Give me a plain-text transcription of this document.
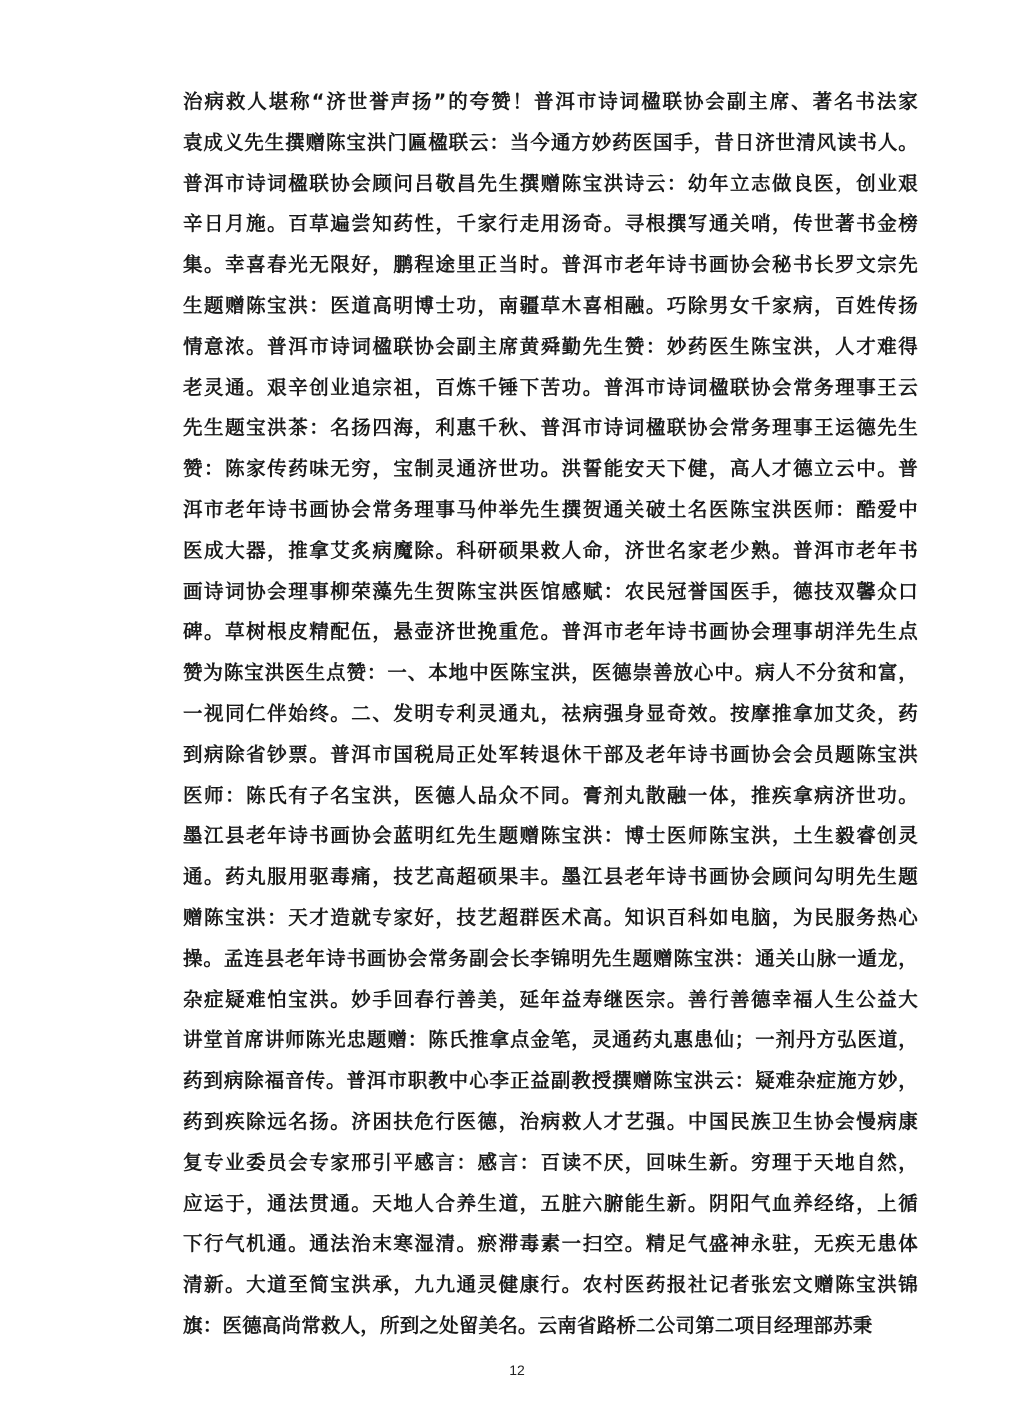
治病救人堪称“济世誉声扬”的夸赞！普洱市诗词楹联协会副主席、著名书法家
袁成义先生撰赠陈宝洪门匾楹联云：当今通方妙药医国手，昔日济世清风读书人。
普洱市诗词楹联协会顾问吕敬昌先生撰赠陈宝洪诗云：幼年立志做良医，创业艰
辛日月施。百草遍尝知药性，千家行走用汤奇。寻根撰写通关哨，传世著书金榜
集。幸喜春光无限好，鹏程途里正当时。普洱市老年诗书画协会秘书长罗文宗先
生题赠陈宝洪：医道高明博士功，南疆草木喜相融。巧除男女千家病，百姓传扬
情意浓。普洱市诗词楹联协会副主席黄舜勤先生赞：妙药医生陈宝洪，人才难得
老灵通。艰辛创业追宗祖，百炼千锤下苦功。普洱市诗词楹联协会常务理事王云
先生题宝洪茶：名扬四海，利惠千秋、普洱市诗词楹联协会常务理事王运德先生
赞：陈家传药味无穷，宝制灵通济世功。洪誓能安天下健，高人才德立云中。普
洱市老年诗书画协会常务理事马仲举先生撰贺通关破土名医陈宝洪医师：酷爱中
医成大器，推拿艾炙病魔除。科研硕果救人命，济世名家老少熟。普洱市老年书
画诗词协会理事柳荣藻先生贺陈宝洪医馆感赋：农民冠誉国医手，德技双馨众口
碑。草树根皮精配伍，悬壶济世挽重危。普洱市老年诗书画协会理事胡洋先生点
赞为陈宝洪医生点赞：一、本地中医陈宝洪，医德崇善放心中。病人不分贫和富，
一视同仁伴始终。二、发明专利灵通丸，祛病强身显奇效。按摩推拿加艾灸，药
到病除省钞票。普洱市国税局正处军转退休干部及老年诗书画协会会员题陈宝洪
医师：陈氏有子名宝洪，医德人品众不同。膏剂丸散融一体，推疾拿病济世功。
墨江县老年诗书画协会蓝明红先生题赠陈宝洪：博士医师陈宝洪，土生毅睿创灵
通。药丸服用驱毒痛，技艺高超硕果丰。墨江县老年诗书画协会顾问勾明先生题
赠陈宝洪：天才造就专家好，技艺超群医术高。知识百科如电脑，为民服务热心
操。孟连县老年诗书画协会常务副会长李锦明先生题赠陈宝洪：通关山脉一遁龙，
杂症疑难怕宝洪。妙手回春行善美，延年益寿继医宗。善行善德幸福人生公益大
讲堂首席讲师陈光忠题赠：陈氏推拿点金笔，灵通药丸惠患仙；一剂丹方弘医道，
药到病除福音传。普洱市职教中心李正益副教授撰赠陈宝洪云：疑难杂症施方妙，
药到疾除远名扬。济困扶危行医德，治病救人才艺强。中国民族卫生协会慢病康
复专业委员会专家邢引平感言：感言：百读不厌，回味生新。穷理于天地自然，
应运于，通法贯通。天地人合养生道，五脏六腑能生新。阴阳气血养经络，上循
下行气机通。通法治末寒湿清。瘀滞毒素一扫空。精足气盛神永驻，无疾无患体
清新。大道至简宝洪承，九九通灵健康行。农村医药报社记者张宏文赠陈宝洪锦
旗：医德高尚常救人，所到之处留美名。云南省路桥二公司第二项目经理部苏秉
12
